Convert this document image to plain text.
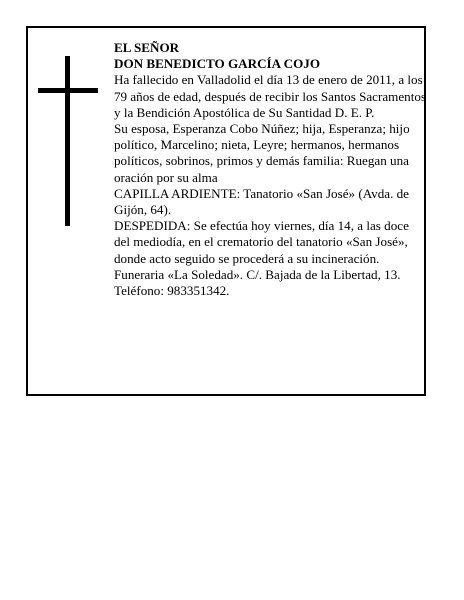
EL SEÑOR

DON BENEDICTO GARCÍA COJO

Ha fallecido en Valladolid el día 13 de enero de 2011, a los 79 años de edad, después de recibir los Santos Sacramentos y la Bendición Apostólica de Su Santidad D. E. P.

Su esposa, Esperanza Cobo Núñez; hija, Esperanza; hijo político, Marcelino; nieta, Leyre; hermanos, hermanos políticos, sobrinos, primos y demás familia: Ruegan una oración por su alma

CAPILLA ARDIENTE: Tanatorio «San José» (Avda. de Gijón, 64).

DESPEDIDA: Se efectúa hoy viernes, día 14, a las doce del mediodía, en el crematorio del tanatorio «San José», donde acto seguido se procederá a su incineración.

Funeraria «La Soledad». C/. Bajada de la Libertad, 13. Teléfono: 983351342.
